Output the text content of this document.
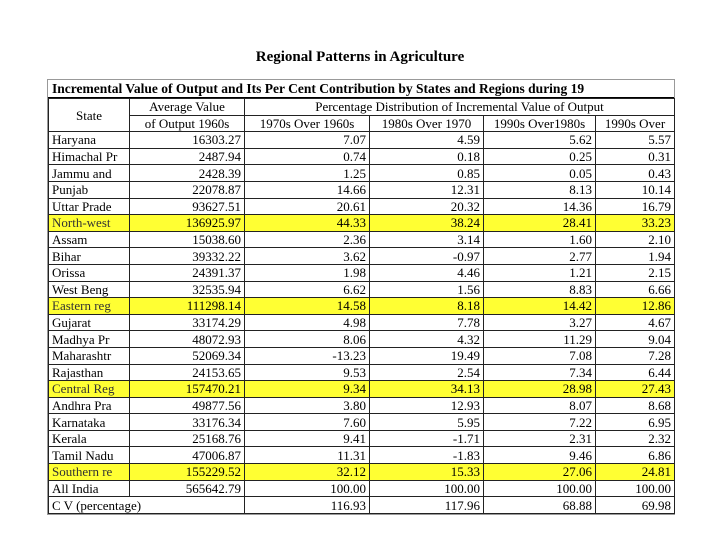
Regional Patterns in Agriculture
Incremental Value of Output and Its Per Cent Contribution by States and Regions during 19
State	Average Value	Percentage Distribution of Incremental Value of Output			
	of Output 1960s	1970s Over 1960s	1980s Over 1970	1990s Over1980s	1990s Over
Haryana	16303.27	7.07	4.59	5.62	5.57
Himachal Pr	2487.94	0.74	0.18	0.25	0.31
Jammu and	2428.39	1.25	0.85	0.05	0.43
Punjab	22078.87	14.66	12.31	8.13	10.14
Uttar Prade	93627.51	20.61	20.32	14.36	16.79
North-west	136925.97	44.33	38.24	28.41	33.23
Assam	15038.60	2.36	3.14	1.60	2.10
Bihar	39332.22	3.62	-0.97	2.77	1.94
Orissa	24391.37	1.98	4.46	1.21	2.15
West Beng	32535.94	6.62	1.56	8.83	6.66
Eastern reg	111298.14	14.58	8.18	14.42	12.86
Gujarat	33174.29	4.98	7.78	3.27	4.67
Madhya Pr	48072.93	8.06	4.32	11.29	9.04
Maharashtr	52069.34	-13.23	19.49	7.08	7.28
Rajasthan	24153.65	9.53	2.54	7.34	6.44
Central Reg	157470.21	9.34	34.13	28.98	27.43
Andhra Pra	49877.56	3.80	12.93	8.07	8.68
Karnataka	33176.34	7.60	5.95	7.22	6.95
Kerala	25168.76	9.41	-1.71	2.31	2.32
Tamil Nadu	47006.87	11.31	-1.83	9.46	6.86
Southern re	155229.52	32.12	15.33	27.06	24.81
All India	565642.79	100.00	100.00	100.00	100.00
C V (percentage)		116.93	117.96	68.88	69.98
